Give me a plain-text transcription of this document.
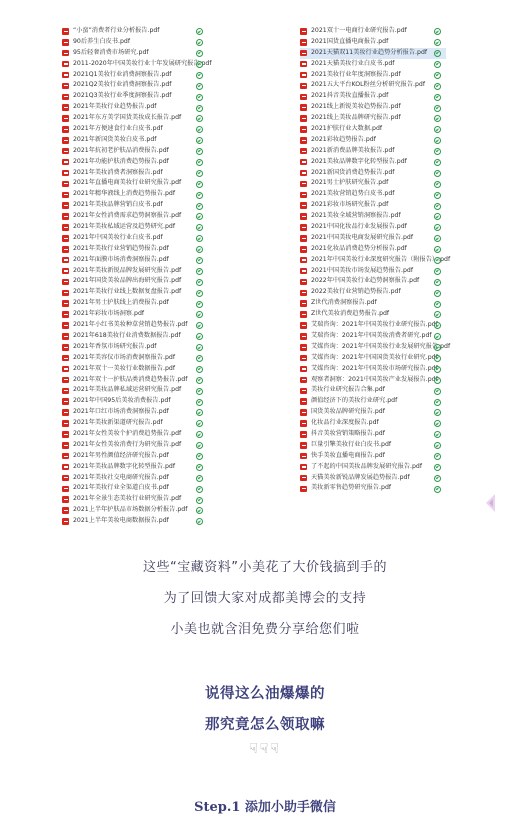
“小蛮”消费者行业分析报告.pdf
90后养生白皮书.pdf
95后轻奢消费市场研究.pdf
2011-2020年中国美妆行业十年发展研究报告.pdf
2021Q1美妆行业消费洞察报告.pdf
2021Q2美妆行业消费洞察报告.pdf
2021Q3美妆行业季度洞察报告.pdf
2021年美妆行业趋势报告.pdf
2021年东方美学国货美妆成长报告.pdf
2021年方便速食行业白皮书.pdf
2021年新国货美妆白皮书.pdf
2021年抗初老护肤品消费报告.pdf
2021年功能护肤消费趋势报告.pdf
2021年美妆消费者洞察报告.pdf
2021年直播电商美妆行业研究报告.pdf
2021年精华液线上消费趋势报告.pdf
2021年美妆品牌营销白皮书.pdf
2021年女性消费需求趋势洞察报告.pdf
2021年美妆私域运营及趋势研究.pdf
2021年中国美妆行业白皮书.pdf
2021年美妆行业营销趋势报告.pdf
2021年面膜市场消费洞察报告.pdf
2021年美妆新锐品牌发展研究报告.pdf
2021年国货美妆品牌出海研究报告.pdf
2021年美妆行业线上数据复盘报告.pdf
2021年男士护肤线上消费报告.pdf
2021年彩妆市场洞察.pdf
2021年小红书美妆种草营销趋势报告.pdf
2021年618美妆行业消费数据报告.pdf
2021年香氛市场研究报告.pdf
2021年美容仪市场消费洞察报告.pdf
2021年双十一美妆行业数据报告.pdf
2021年双十一护肤品类消费趋势报告.pdf
2021年美妆品牌私域运营研究报告.pdf
2021年中国95后美妆消费报告.pdf
2021年口红市场消费洞察报告.pdf
2021年美妆新渠道研究报告.pdf
2021年女性美妆个护消费趋势报告.pdf
2021年女性美妆消费行为研究报告.pdf
2021年男性颜值经济研究报告.pdf
2021年美妆品牌数字化转型报告.pdf
2021年美妆社交电商研究报告.pdf
2021年美妆行业全渠道白皮书.pdf
2021年全景生态美妆行业研究报告.pdf
2021上半年护肤品市场数据分析报告.pdf
2021上半年美妆电商数据报告.pdf
2021双十一电商行业研究报告.pdf
2021国货直播电商报告.pdf
2021天猫双11美妆行业趋势分析报告.pdf
2021天猫美妆行业白皮书.pdf
2021美妆行业年度洞察报告.pdf
2021五大平台KOL粉丝分析研究报告.pdf
2021抖音美妆直播报告.pdf
2021线上新锐美妆趋势报告.pdf
2021线上美妆品牌研究报告.pdf
2021护肤行业大数据.pdf
2021彩妆趋势报告.pdf
2021新消费品牌美妆报告.pdf
2021美妆品牌数字化转型报告.pdf
2021新国货消费趋势报告.pdf
2021男士护肤研究报告.pdf
2021美妆营销趋势白皮书.pdf
2021彩妆市场研究报告.pdf
2021美妆全域营销洞察报告.pdf
2021中国化妆品行业发展报告.pdf
2021中国美妆电商发展研究报告.pdf
2021化妆品消费趋势分析报告.pdf
2021年中国美妆行业深度研究报告（附报告）.pdf
2021中国美妆市场发展趋势报告.pdf
2022年中国美妆行业趋势洞察报告.pdf
2022美妆行业营销趋势报告.pdf
Z世代消费洞察报告.pdf
Z世代美妆消费趋势报告.pdf
艾瑞咨询：2021年中国美妆行业研究报告.pdf
艾瑞咨询：2021年中国美妆消费者研究.pdf
艾媒咨询：2021年中国美妆行业发展研究报告.pdf
艾媒咨询：2021年中国国货美妆行业研究.pdf
艾媒咨询：2021年中国美妆市场研究报告.pdf
观察者洞察：2021中国美妆产业发展报告.pdf
美妆行业研究报告合集.pdf
颜值经济下的美妆行业研究.pdf
国货美妆品牌研究报告.pdf
化妆品行业深度报告.pdf
抖音美妆营销策略报告.pdf
巨量引擎美妆行业白皮书.pdf
快手美妆直播电商报告.pdf
了不起的中国美妆品牌发展研究报告.pdf
天猫美妆新锐品牌发展趋势报告.pdf
美妆新零售趋势研究报告.pdf
这些“宝藏资料”小美花了大价钱搞到手的
为了回馈大家对成都美博会的支持
小美也就含泪免费分享给您们啦
说得这么油爆爆的
那究竟怎么领取嘛
☟☟☟
Step.1 添加小助手微信
